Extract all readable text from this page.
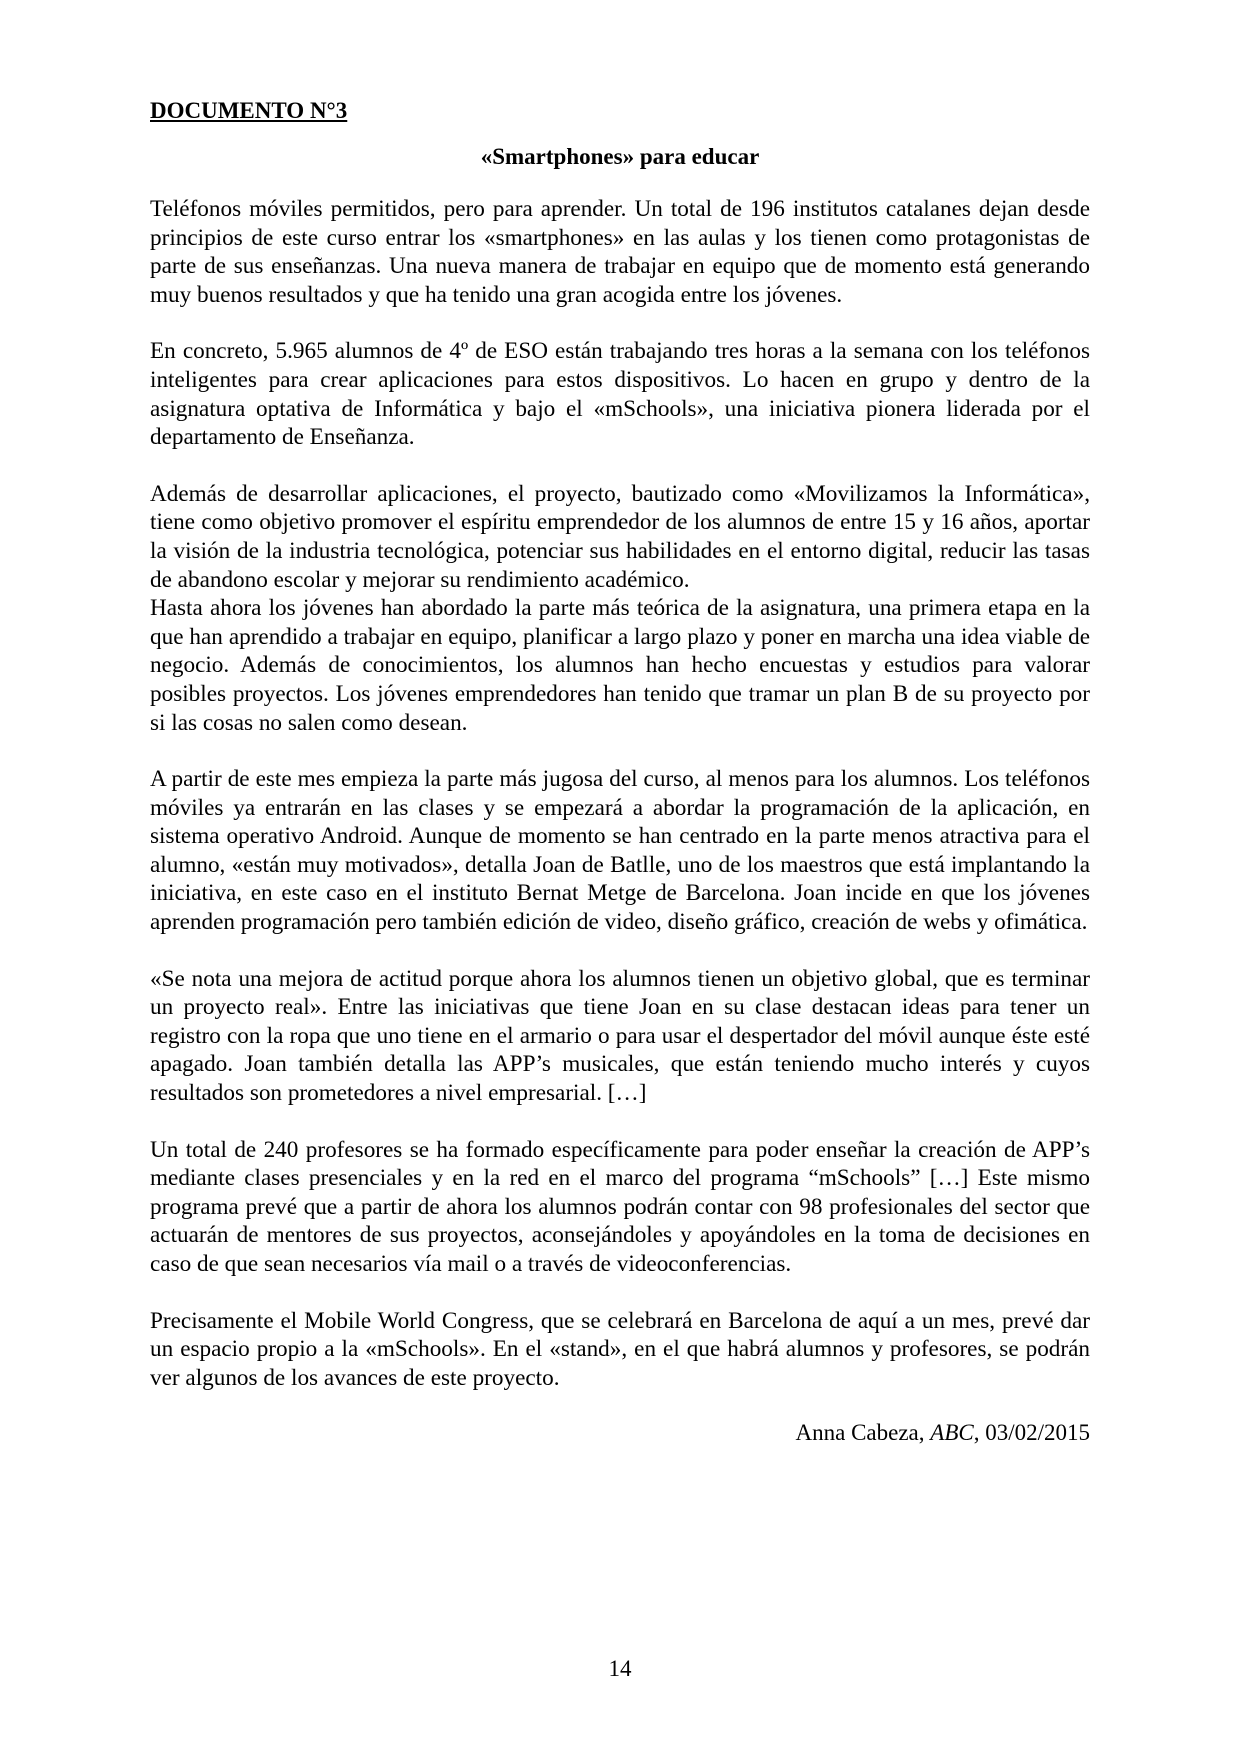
DOCUMENTO N°3
«Smartphones» para educar

Teléfonos móviles permitidos, pero para aprender. Un total de 196 institutos catalanes dejan desde principios de este curso entrar los «smartphones» en las aulas y los tienen como protagonistas de parte de sus enseñanzas. Una nueva manera de trabajar en equipo que de momento está generando muy buenos resultados y que ha tenido una gran acogida entre los jóvenes.

En concreto, 5.965 alumnos de 4º de ESO están trabajando tres horas a la semana con los teléfonos inteligentes para crear aplicaciones para estos dispositivos. Lo hacen en grupo y dentro de la asignatura optativa de Informática y bajo el «mSchools», una iniciativa pionera liderada por el departamento de Enseñanza.

Además de desarrollar aplicaciones, el proyecto, bautizado como «Movilizamos la Informática», tiene como objetivo promover el espíritu emprendedor de los alumnos de entre 15 y 16 años, aportar la visión de la industria tecnológica, potenciar sus habilidades en el entorno digital, reducir las tasas de abandono escolar y mejorar su rendimiento académico.

Hasta ahora los jóvenes han abordado la parte más teórica de la asignatura, una primera etapa en la que han aprendido a trabajar en equipo, planificar a largo plazo y poner en marcha una idea viable de negocio. Además de conocimientos, los alumnos han hecho encuestas y estudios para valorar posibles proyectos. Los jóvenes emprendedores han tenido que tramar un plan B de su proyecto por si las cosas no salen como desean.

A partir de este mes empieza la parte más jugosa del curso, al menos para los alumnos. Los teléfonos móviles ya entrarán en las clases y se empezará a abordar la programación de la aplicación, en sistema operativo Android. Aunque de momento se han centrado en la parte menos atractiva para el alumno, «están muy motivados», detalla Joan de Batlle, uno de los maestros que está implantando la iniciativa, en este caso en el instituto Bernat Metge de Barcelona. Joan incide en que los jóvenes aprenden programación pero también edición de video, diseño gráfico, creación de webs y ofimática.

«Se nota una mejora de actitud porque ahora los alumnos tienen un objetivo global, que es terminar un proyecto real». Entre las iniciativas que tiene Joan en su clase destacan ideas para tener un registro con la ropa que uno tiene en el armario o para usar el despertador del móvil aunque éste esté apagado. Joan también detalla las APP’s musicales, que están teniendo mucho interés y cuyos resultados son prometedores a nivel empresarial. […]

Un total de 240 profesores se ha formado específicamente para poder enseñar la creación de APP’s mediante clases presenciales y en la red en el marco del programa “mSchools” […] Este mismo programa prevé que a partir de ahora los alumnos podrán contar con 98 profesionales del sector que actuarán de mentores de sus proyectos, aconsejándoles y apoyándoles en la toma de decisiones en caso de que sean necesarios vía mail o a través de videoconferencias.

Precisamente el Mobile World Congress, que se celebrará en Barcelona de aquí a un mes, prevé dar un espacio propio a la «mSchools». En el «stand», en el que habrá alumnos y profesores, se podrán ver algunos de los avances de este proyecto.

Anna Cabeza, ABC, 03/02/2015
14
